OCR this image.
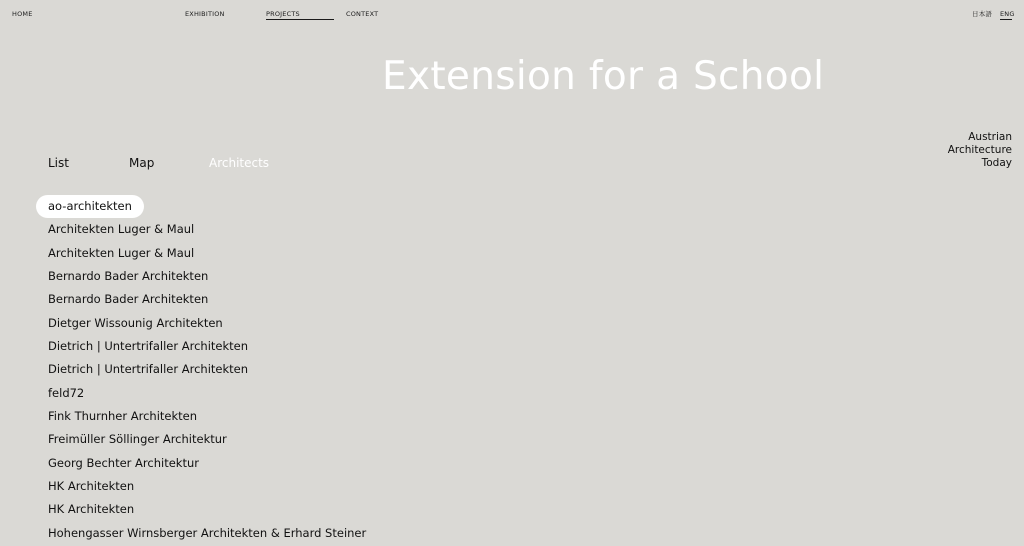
HOME	EXHIBITION	PROJECTS	CONTEXT	日本語 ENG
Extension for a School
Austrian
Architecture
Today
List	Map	Architects
ao-architekten
Architekten Luger & Maul
Architekten Luger & Maul
Bernardo Bader Architekten
Bernardo Bader Architekten
Dietger Wissounig Architekten
Dietrich | Untertrifaller Architekten
Dietrich | Untertrifaller Architekten
feld72
Fink Thurnher Architekten
Freimüller Söllinger Architektur
Georg Bechter Architektur
HK Architekten
HK Architekten
Hohengasser Wirnsberger Architekten & Erhard Steiner
